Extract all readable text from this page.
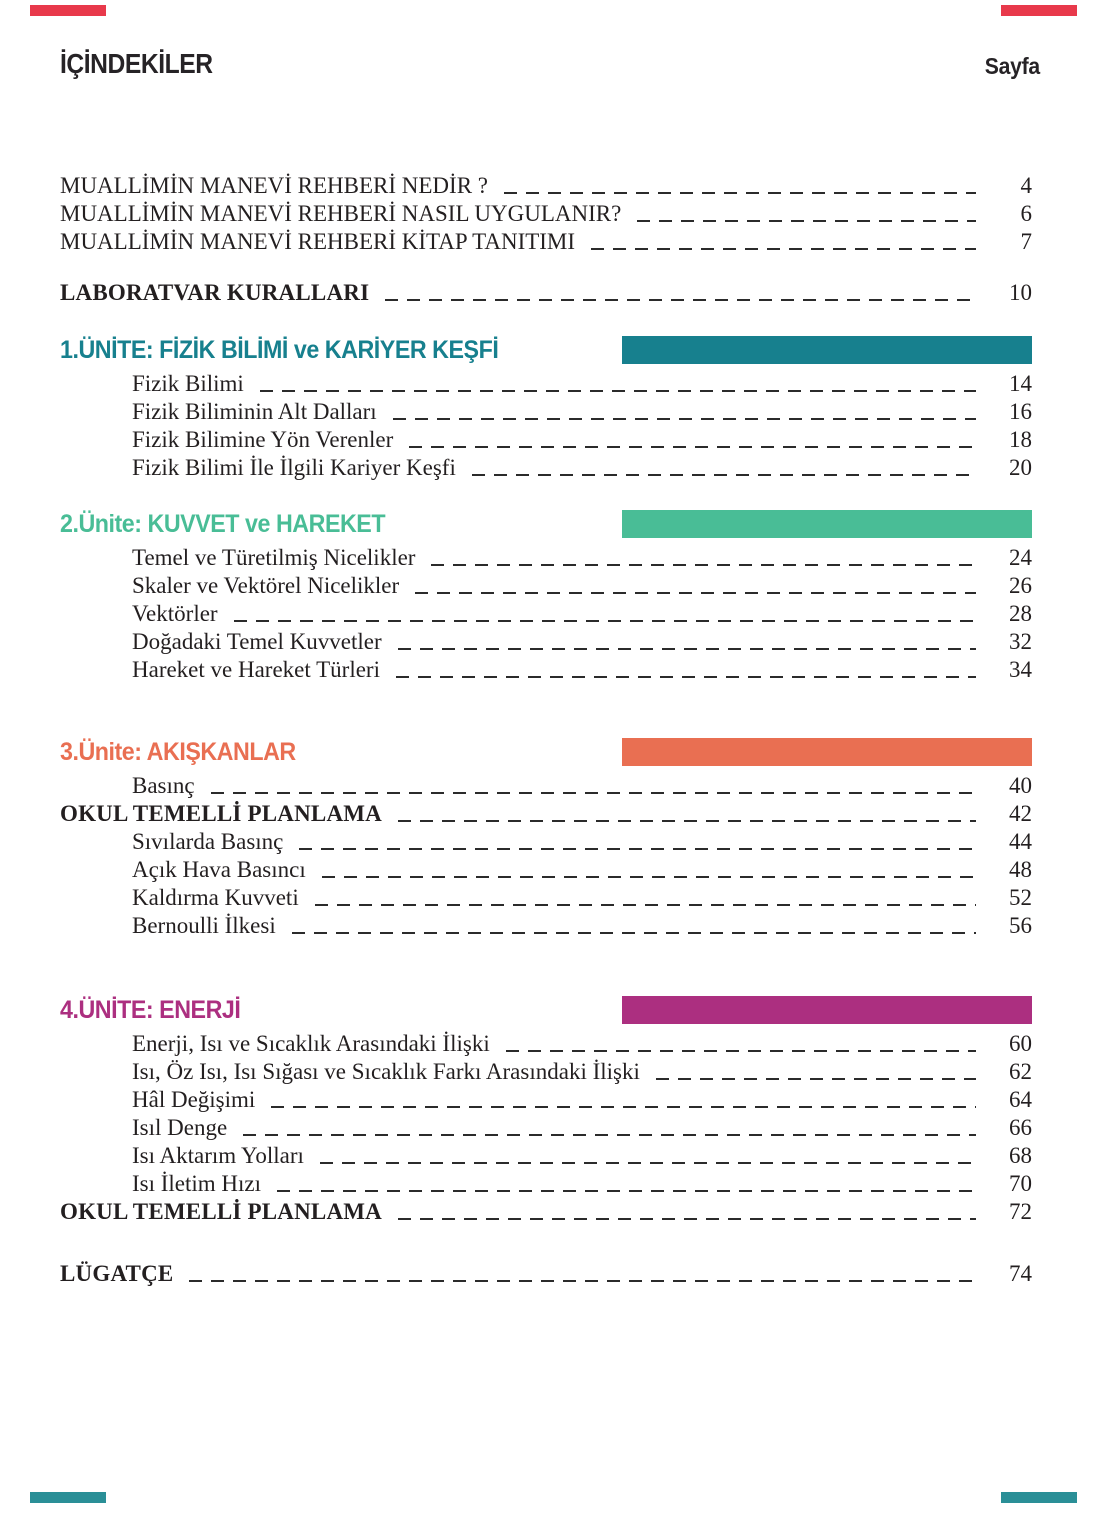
İÇİNDEKİLER	Sayfa
MUALLİMİN MANEVİ REHBERİ NEDİR ?	4
MUALLİMİN MANEVİ REHBERİ NASIL UYGULANIR?	6
MUALLİMİN MANEVİ REHBERİ KİTAP TANITIMI	7
LABORATVAR KURALLARI	10
1.ÜNİTE: FİZİK BİLİMİ ve KARİYER KEŞFİ
Fizik Bilimi	14
Fizik Biliminin Alt Dalları	16
Fizik Bilimine Yön Verenler	18
Fizik Bilimi İle İlgili Kariyer Keşfi	20
2.Ünite: KUVVET ve HAREKET
Temel ve Türetilmiş Nicelikler	24
Skaler ve Vektörel Nicelikler	26
Vektörler	28
Doğadaki Temel Kuvvetler	32
Hareket ve Hareket Türleri	34
3.Ünite: AKIŞKANLAR
Basınç	40
OKUL TEMELLİ PLANLAMA	42
Sıvılarda Basınç	44
Açık Hava Basıncı	48
Kaldırma Kuvveti	52
Bernoulli İlkesi	56
4.ÜNİTE: ENERJİ
Enerji, Isı ve Sıcaklık Arasındaki İlişki	60
Isı, Öz Isı, Isı Sığası ve Sıcaklık Farkı Arasındaki İlişki	62
Hâl Değişimi	64
Isıl Denge	66
Isı Aktarım Yolları	68
Isı İletim Hızı	70
OKUL TEMELLİ PLANLAMA	72
LÜGATÇE	74
